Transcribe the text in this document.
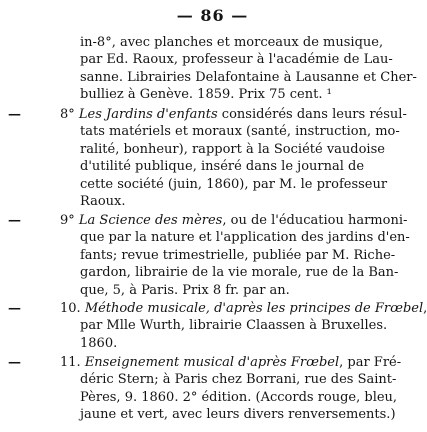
— 86 —
in-8°, avec planches et morceaux de musique,
par Ed. Raoux, professeur à l'académie de Lau-
sanne. Librairies Delafontaine à Lausanne et Cher-
bulliez à Genève. 1859. Prix 75 cent. ¹
—	8° Les Jardins d'enfants considérés dans leurs résul-
tats matériels et moraux (santé, instruction, mo-
ralité, bonheur), rapport à la Société vaudoise
d'utilité publique, inséré dans le journal de
cette société (juin, 1860), par M. le professeur
Raoux.
—	9° La Science des mères, ou de l'éducatiou harmoni-
que par la nature et l'application des jardins d'en-
fants; revue trimestrielle, publiée par M. Riche-
gardon, librairie de la vie morale, rue de la Ban-
que, 5, à Paris. Prix 8 fr. par an.
—	10. Méthode musicale, d'après les principes de Frœbel,
par Mlle Wurth, librairie Claassen à Bruxelles.
1860.
—	11. Enseignement musical d'après Frœbel, par Fré-
déric Stern; à Paris chez Borrani, rue des Saint-
Pères, 9. 1860. 2° édition. (Accords rouge, bleu,
jaune et vert, avec leurs divers renversements.)
